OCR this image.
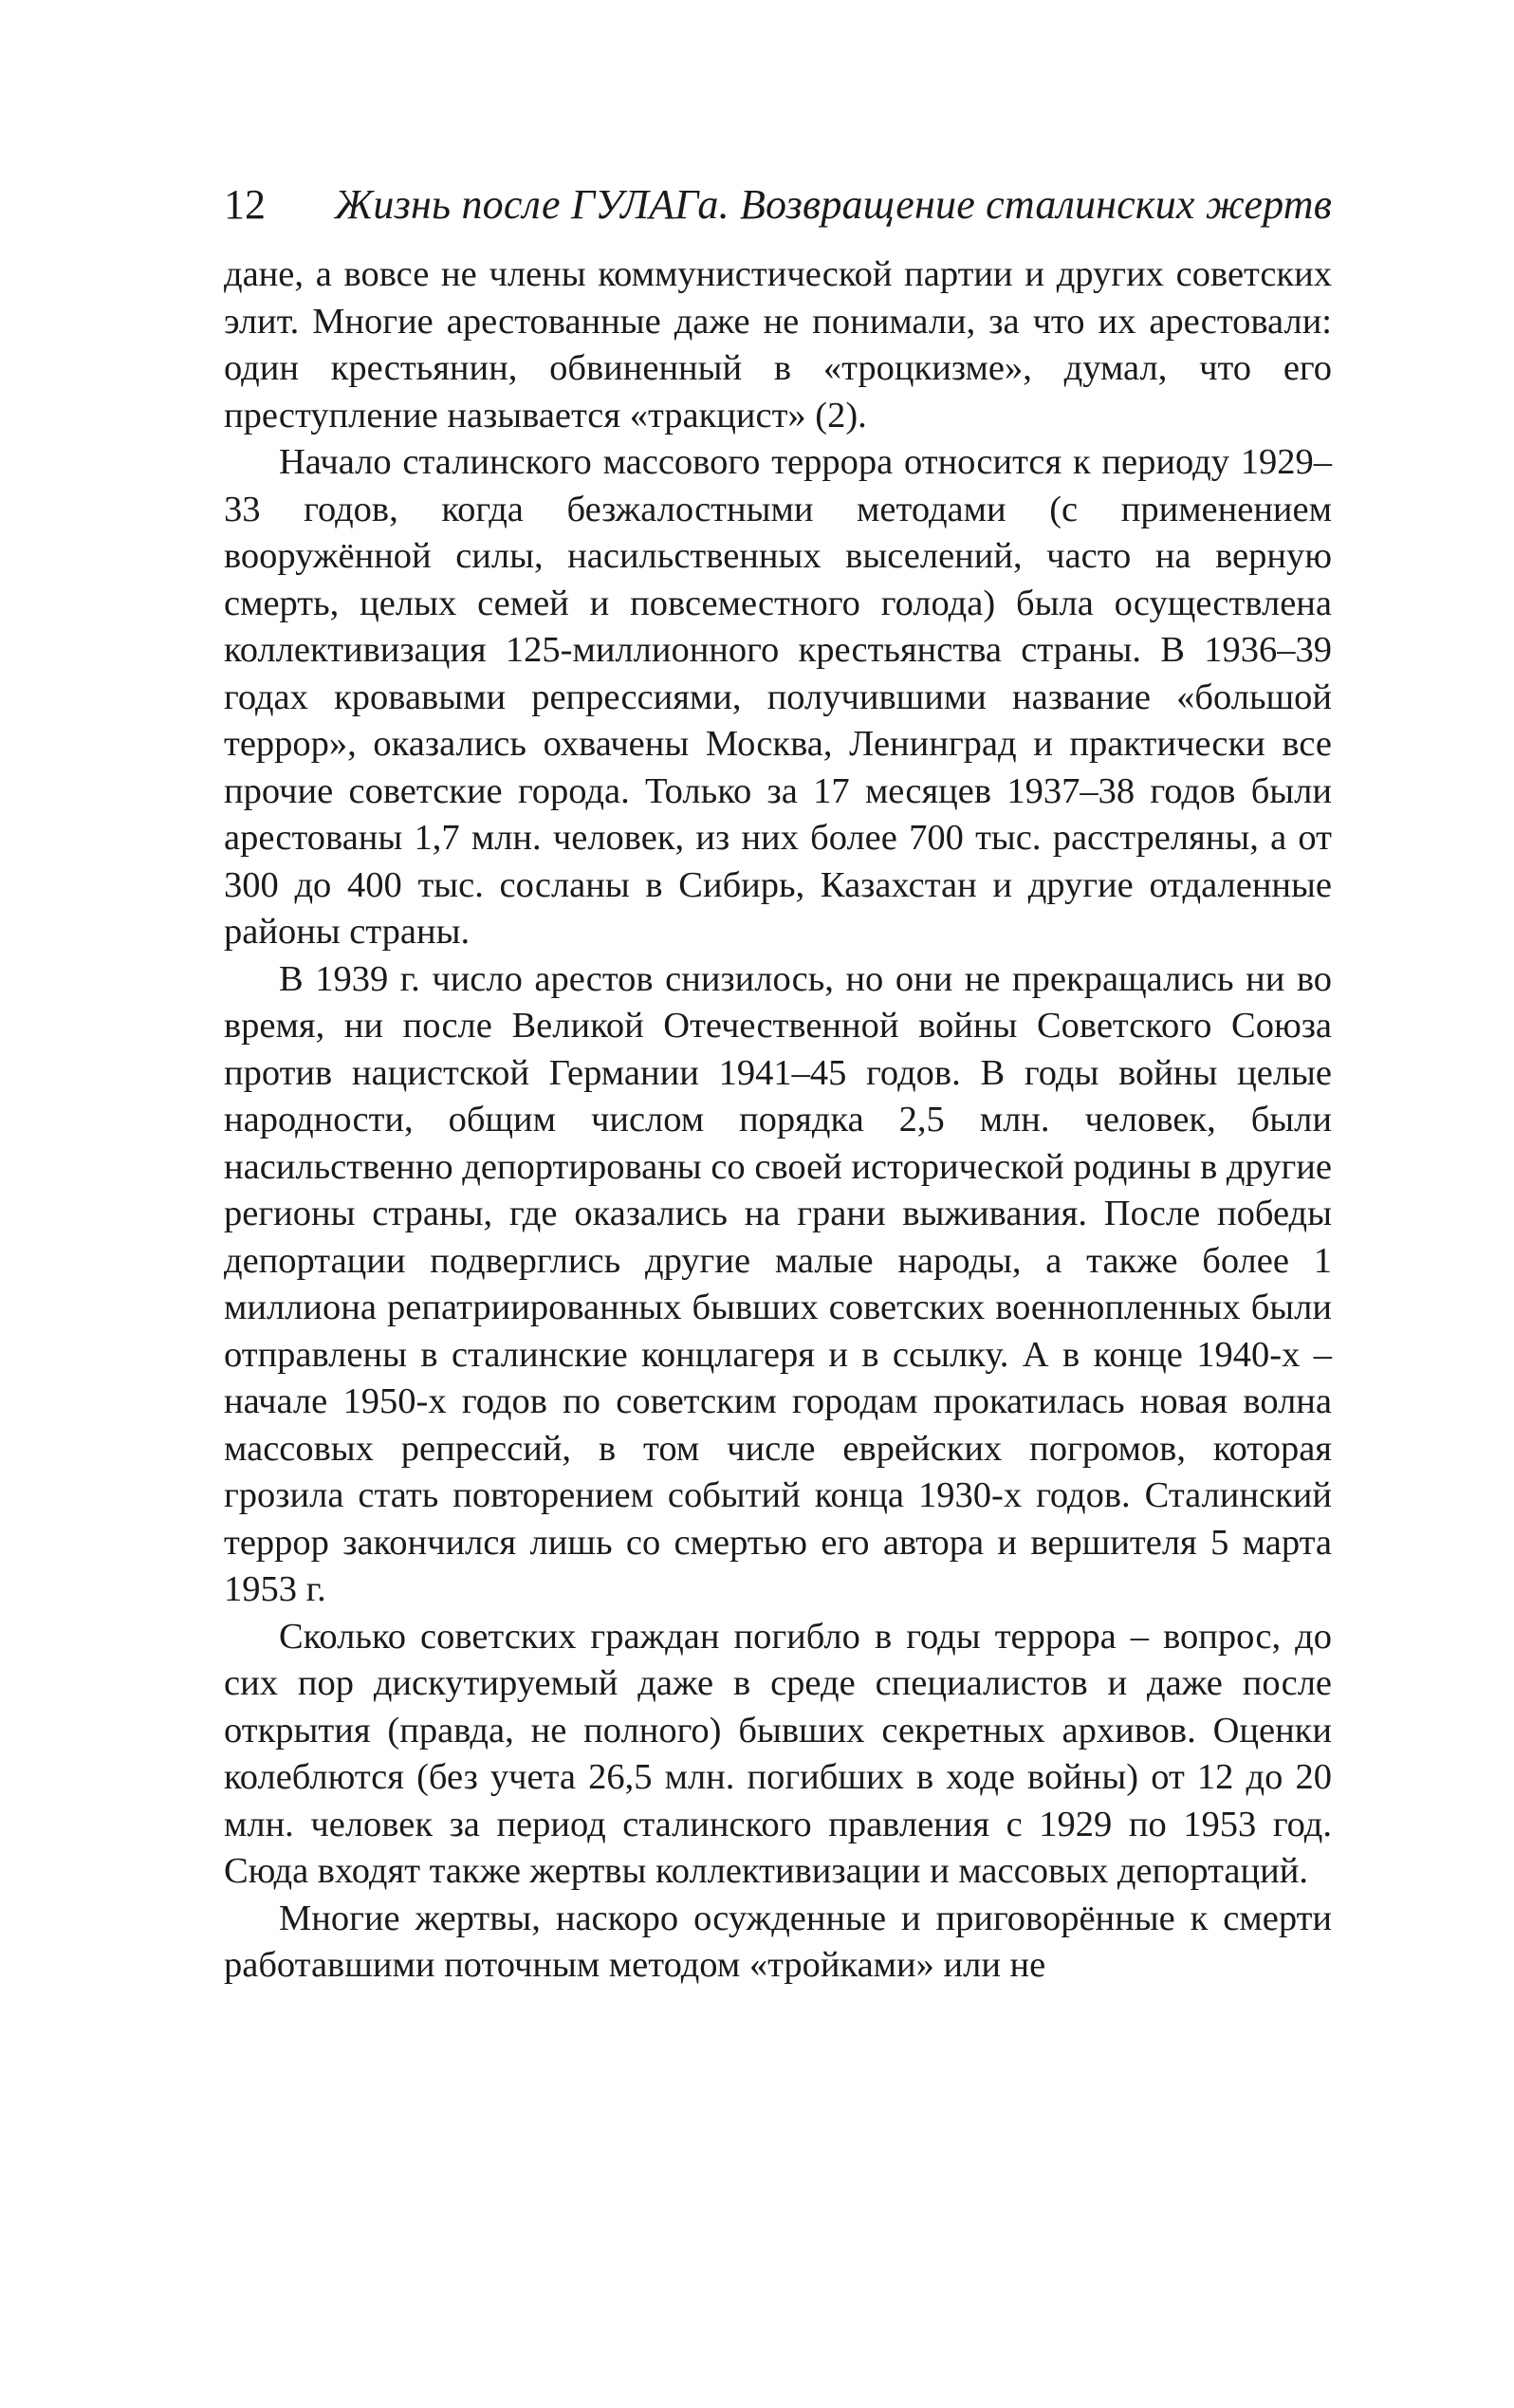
12 Жизнь после ГУЛАГа. Возвращение сталинских жертв

дане, а вовсе не члены коммунистической партии и других советских элит. Многие арестованные даже не понимали, за что их арестовали: один крестьянин, обвиненный в «троцкизме», думал, что его преступление называется «тракцист» (2).

Начало сталинского массового террора относится к периоду 1929–33 годов, когда безжалостными методами (с применением вооружённой силы, насильственных выселений, часто на верную смерть, целых семей и повсеместного голода) была осуществлена коллективизация 125-миллионного крестьянства страны. В 1936–39 годах кровавыми репрессиями, получившими название «большой террор», оказались охвачены Москва, Ленинград и практически все прочие советские города. Только за 17 месяцев 1937–38 годов были арестованы 1,7 млн. человек, из них более 700 тыс. расстреляны, а от 300 до 400 тыс. сосланы в Сибирь, Казахстан и другие отдаленные районы страны.

В 1939 г. число арестов снизилось, но они не прекращались ни во время, ни после Великой Отечественной войны Советского Союза против нацистской Германии 1941–45 годов. В годы войны целые народности, общим числом порядка 2,5 млн. человек, были насильственно депортированы со своей исторической родины в другие регионы страны, где оказались на грани выживания. После победы депортации подверглись другие малые народы, а также более 1 миллиона репатриированных бывших советских военнопленных были отправлены в сталинские концлагеря и в ссылку. А в конце 1940-х – начале 1950-х годов по советским городам прокатилась новая волна массовых репрессий, в том числе еврейских погромов, которая грозила стать повторением событий конца 1930-х годов. Сталинский террор закончился лишь со смертью его автора и вершителя 5 марта 1953 г.

Сколько советских граждан погибло в годы террора – вопрос, до сих пор дискутируемый даже в среде специалистов и даже после открытия (правда, не полного) бывших секретных архивов. Оценки колеблются (без учета 26,5 млн. погибших в ходе войны) от 12 до 20 млн. человек за период сталинского правления с 1929 по 1953 год. Сюда входят также жертвы коллективизации и массовых депортаций.

Многие жертвы, наскоро осужденные и приговорённые к смерти работавшими поточным методом «тройками» или не
